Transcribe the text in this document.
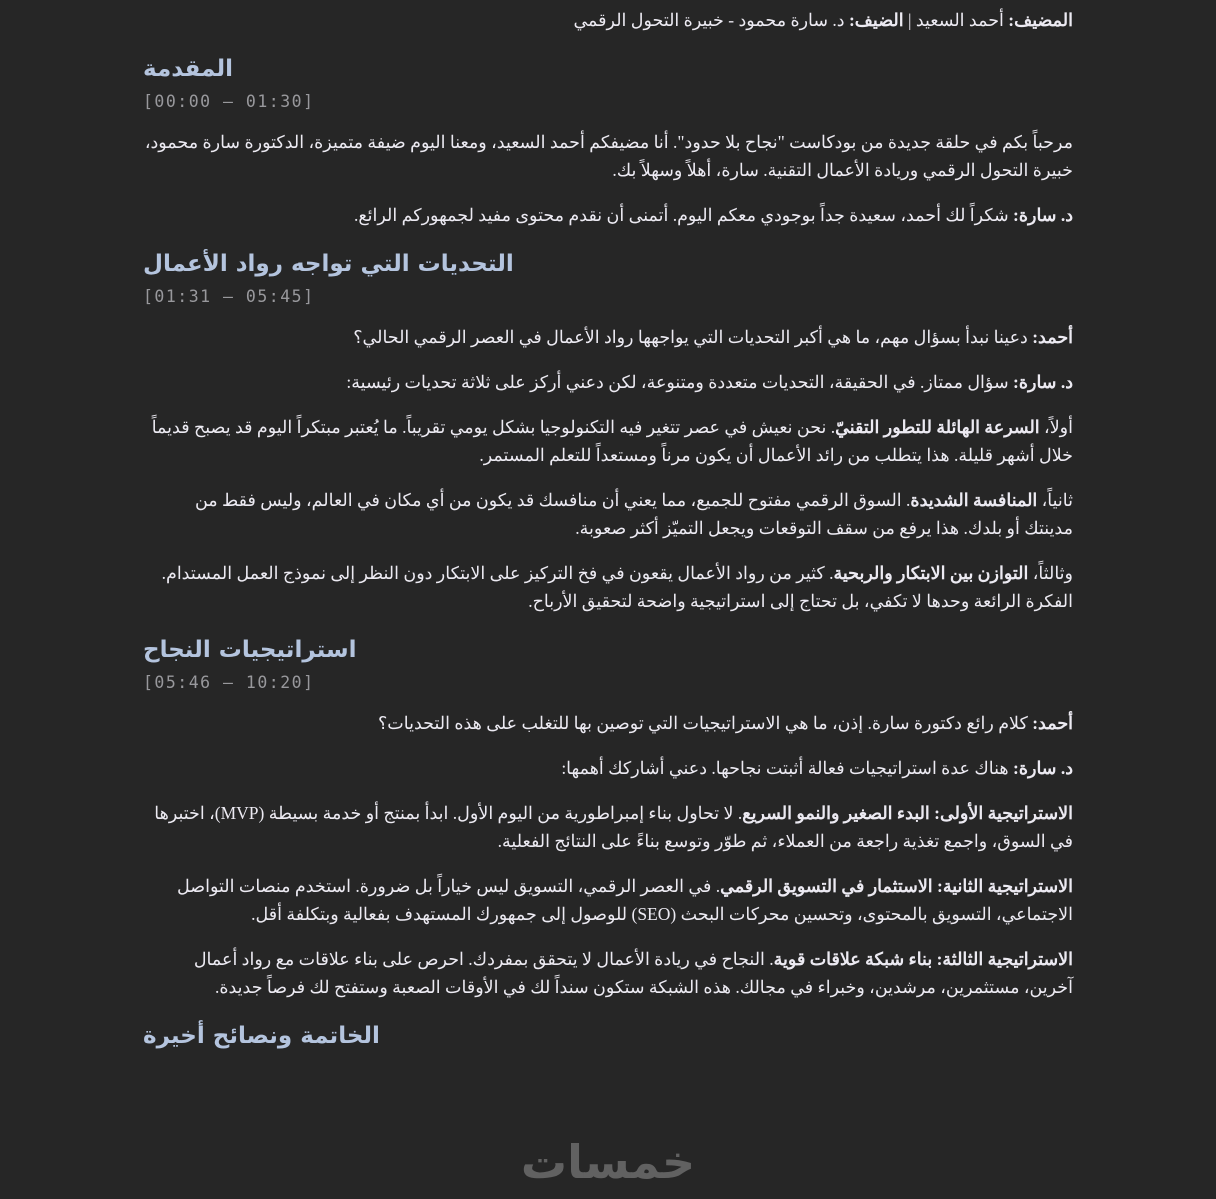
المضيف: أحمد السعيد | الضيف: د. سارة محمود - خبيرة التحول الرقمي

المقدمة

[00:00 – 01:30]

مرحباً بكم في حلقة جديدة من بودكاست "نجاح بلا حدود". أنا مضيفكم أحمد السعيد، ومعنا اليوم ضيفة متميزة، الدكتورة سارة محمود، خبيرة التحول الرقمي وريادة الأعمال التقنية. سارة، أهلاً وسهلاً بك.

د. سارة: شكراً لك أحمد، سعيدة جداً بوجودي معكم اليوم. أتمنى أن نقدم محتوى مفيد لجمهوركم الرائع.

التحديات التي تواجه رواد الأعمال

[01:31 – 05:45]

أحمد: دعينا نبدأ بسؤال مهم، ما هي أكبر التحديات التي يواجهها رواد الأعمال في العصر الرقمي الحالي؟

د. سارة: سؤال ممتاز. في الحقيقة، التحديات متعددة ومتنوعة، لكن دعني أركز على ثلاثة تحديات رئيسية:

أولاً، السرعة الهائلة للتطور التقنيّ. نحن نعيش في عصر تتغير فيه التكنولوجيا بشكل يومي تقريباً. ما يُعتبر مبتكراً اليوم قد يصبح قديماً خلال أشهر قليلة. هذا يتطلب من رائد الأعمال أن يكون مرناً ومستعداً للتعلم المستمر.

ثانياً، المنافسة الشديدة. السوق الرقمي مفتوح للجميع، مما يعني أن منافسك قد يكون من أي مكان في العالم، وليس فقط من مدينتك أو بلدك. هذا يرفع من سقف التوقعات ويجعل التميّز أكثر صعوبة.

وثالثاً، التوازن بين الابتكار والربحية. كثير من رواد الأعمال يقعون في فخ التركيز على الابتكار دون النظر إلى نموذج العمل المستدام. الفكرة الرائعة وحدها لا تكفي، بل تحتاج إلى استراتيجية واضحة لتحقيق الأرباح.

استراتيجيات النجاح

[05:46 – 10:20]

أحمد: كلام رائع دكتورة سارة. إذن، ما هي الاستراتيجيات التي توصين بها للتغلب على هذه التحديات؟

د. سارة: هناك عدة استراتيجيات فعالة أثبتت نجاحها. دعني أشاركك أهمها:

الاستراتيجية الأولى: البدء الصغير والنمو السريع. لا تحاول بناء إمبراطورية من اليوم الأول. ابدأ بمنتج أو خدمة بسيطة (MVP)، اختبرها في السوق، واجمع تغذية راجعة من العملاء، ثم طوّر وتوسع بناءً على النتائج الفعلية.

الاستراتيجية الثانية: الاستثمار في التسويق الرقمي. في العصر الرقمي، التسويق ليس خياراً بل ضرورة. استخدم منصات التواصل الاجتماعي، التسويق بالمحتوى، وتحسين محركات البحث (SEO) للوصول إلى جمهورك المستهدف بفعالية وبتكلفة أقل.

الاستراتيجية الثالثة: بناء شبكة علاقات قوية. النجاح في ريادة الأعمال لا يتحقق بمفردك. احرص على بناء علاقات مع رواد أعمال آخرين، مستثمرين، مرشدين، وخبراء في مجالك. هذه الشبكة ستكون سنداً لك في الأوقات الصعبة وستفتح لك فرصاً جديدة.

الخاتمة ونصائح أخيرة
خمسات
